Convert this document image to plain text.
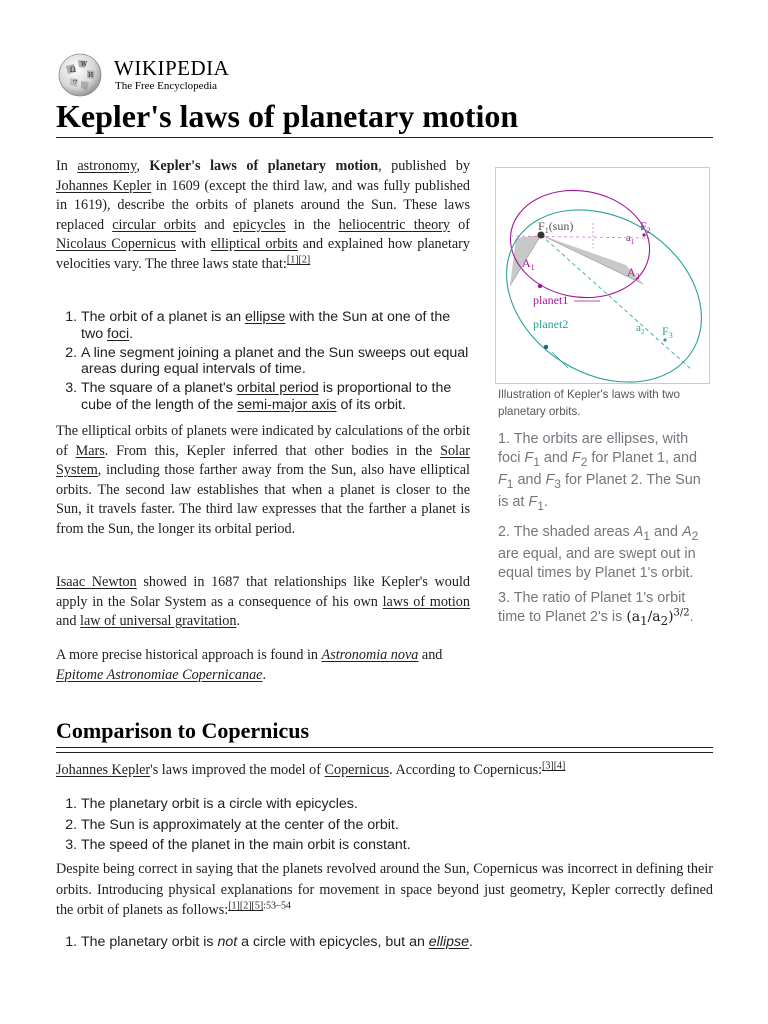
Ω
W
И
ウ
WIKIPEDIA
The Free Encyclopedia
Kepler's laws of planetary motion

In astronomy, Kepler's laws of planetary motion, published by Johannes Kepler in 1609 (except the third law, and was fully published in 1619), describe the orbits of planets around the Sun. These laws replaced circular orbits and epicycles in the heliocentric theory of Nicolaus Copernicus with elliptical orbits and explained how planetary velocities vary. The three laws state that:[1][2]

1. The orbit of a planet is an ellipse with the Sun at one of the two foci.
2. A line segment joining a planet and the Sun sweeps out equal areas during equal intervals of time.
3. The square of a planet's orbital period is proportional to the cube of the length of the semi-major axis of its orbit.
The elliptical orbits of planets were indicated by calculations of the orbit of Mars. From this, Kepler inferred that other bodies in the Solar System, including those farther away from the Sun, also have elliptical orbits. The second law establishes that when a planet is closer to the Sun, it travels faster. The third law expresses that the farther a planet is from the Sun, the longer its orbital period.
Isaac Newton showed in 1687 that relationships like Kepler's would apply in the Solar System as a consequence of his own laws of motion and law of universal gravitation.
A more precise historical approach is found in Astronomia nova and Epitome Astronomiae Copernicanae.
$F_1(sun)$	$F_2$
$a_1$
$A_1$	$A_2$
planet1
planet2	$a_2$ $F_3$
Illustration of Kepler's laws with two planetary orbits.

1. The orbits are ellipses, with foci $F_1$ and $F_2$ for Planet 1, and $F_1$ and $F_3$ for Planet 2. The Sun is at $F_1$.

2. The shaded areas $A_1$ and $A_2$ are equal, and are swept out in equal times by Planet 1's orbit.

3. The ratio of Planet 1's orbit time to Planet 2's is $(a_1/a_2)^{3/2}$.

Comparison to Copernicus
Johannes Kepler's laws improved the model of Copernicus. According to Copernicus:[3][4]
1. The planetary orbit is a circle with epicycles.
2. The Sun is approximately at the center of the orbit.
3. The speed of the planet in the main orbit is constant.
Despite being correct in saying that the planets revolved around the Sun, Copernicus was incorrect in defining their orbits. Introducing physical explanations for movement in space beyond just geometry, Kepler correctly defined the orbit of planets as follows:$^{[1][2][5]:53-54}$
1. The planetary orbit is not a circle with epicycles, but an ellipse.
